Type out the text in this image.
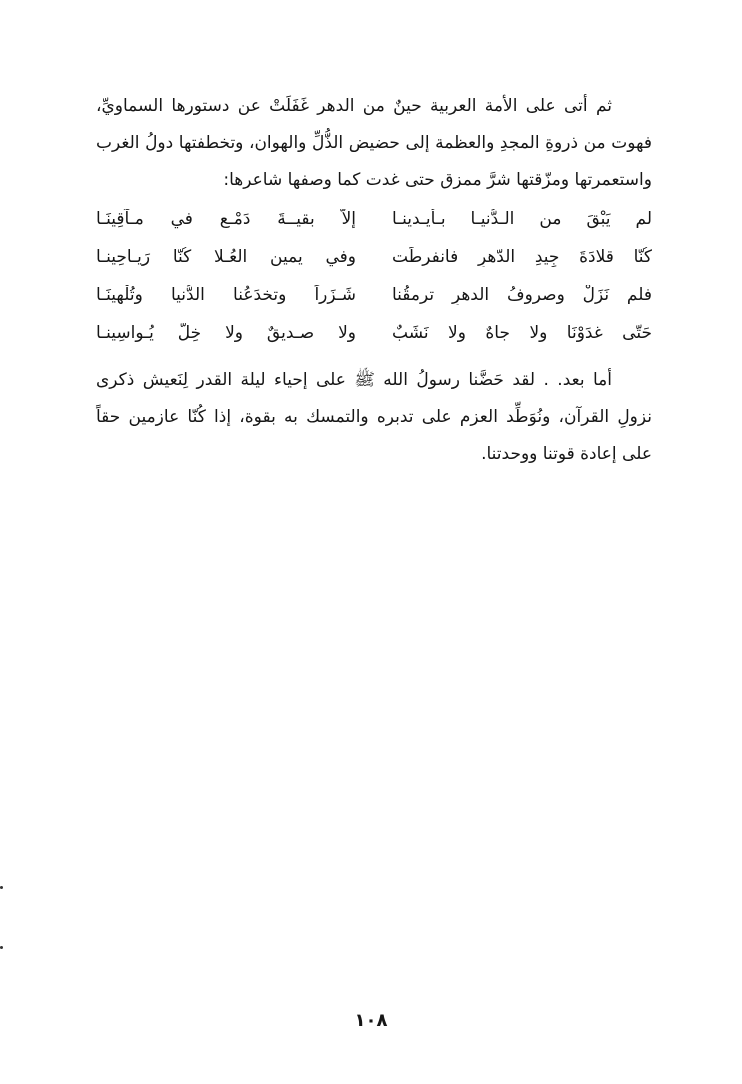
ثم أتى على الأمة العربية حينٌ من الدهر غَفَلَتْ عن دستورها السماويِّ، فهوت من ذروةِ المجدِ والعظمة إلى حضيض الذُّلِّ والهوان، وتخطفتها دولُ الغرب واستعمرتها ومزّقتها شرَّ ممزق حتى غدت كما وصفها شاعرها:

لم يَبْقَ من الـدُّنيـا بـأيـدينـا
إلاّ بقيــةَ دَمْـعٍ في مـآقِينَـا
كُنّا قلادَةَ جِيدِ الدّهرِ فانفرطَت
وفي يمينِ العُـلا كُنّا رَيـاحِينـا
فلم نَزَلْ وصروفُ الدهرِ ترمقُنا
شَـزَراً وتخدَعُنا الدُّنيا وتُلْهِينَـا
حَتّى غدَوْنَا ولا جاهٌ ولا نَشَبٌ
ولا صـديقٌ ولا خِلٌّ يُـواسِينـا

أما بعد. . لقد حَضَّنا رسولُ الله ﷺ على إحياء ليلة القدر لِنَعيش ذكرى نزولِ القرآن، ونُوَطِّد العزم على تدبره والتمسك به بقوة، إذا كُنّا عازمين حقاً على إعادة قوتنا ووحدتنا.

١٠٨
